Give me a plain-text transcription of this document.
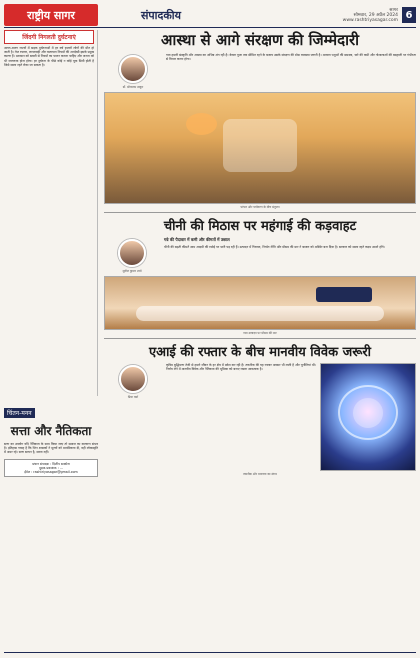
राष्ट्रीय सागर	संपादकीय	सागर
सोमवार, 29 अप्रैल 2024
www.rashtriyasagar.com 6
जिंदगी निगलती दुर्घटनाएं
अलग-अलग राज्यों में सड़क दुर्घटनाओं में हर वर्ष हजारों लोगों की मौत हो जाती है। तेज रफ्तार, लापरवाही और यातायात नियमों की अनदेखी इसके प्रमुख कारण हैं। प्रशासन को सख्ती से नियमों का पालन कराना चाहिए और जनता को भी जागरूक होना होगा। हर दुर्घटना के पीछे कोई न कोई चूक छिपी होती है जिसे समय रहते रोका जा सकता है।
आस्था से आगे संरक्षण की जिम्मेदारी
डॉ. सीताराम ठाकुर
गाय हमारी संस्कृति और आस्था का अभिन्न अंग रही है। केवल पूजा तक सीमित रहने के बजाय उसके संरक्षण की ठोस व्यवस्था जरूरी है। आवारा पशुओं की समस्या, चारे की कमी और गोशालाओं की बदहाली पर गंभीरता से विचार करना होगा।
परंपरा और पर्यावरण के बीच संतुलन
चीनी की मिठास पर महंगाई की कड़वाहट
सुनील कुमार शर्मा
गन्ने की पैदावार में कमी और कीमतों में उछाल
चीनी की बढ़ती कीमतें आम आदमी की रसोई पर भारी पड़ रही हैं। उत्पादन में गिरावट, निर्यात नीति और मौसम की मार ने बाजार को अस्थिर बना दिया है। सरकार को समय रहते कदम उठाने होंगे।
गन्ना उत्पादन पर मौसम की मार
एआई की रफ्तार के बीच मानवीय विवेक जरूरी
प्रिया वर्मा
कृत्रिम बुद्धिमत्ता तेजी से हमारे जीवन के हर क्षेत्र में प्रवेश कर रही है। तकनीक की यह रफ्तार अवसर भी लाती है और चुनौतियां भी। निर्णय लेने में मानवीय विवेक और नैतिकता की भूमिका को बनाए रखना आवश्यक है।
तकनीक और मानवता का संगम
चिंतन-मनन
सत्ता और नैतिकता
सत्ता का उपयोग यदि नैतिकता के साथ किया जाए तो समाज का कल्याण संभव है। इतिहास गवाह है कि जिन शासकों ने मूल्यों को प्राथमिकता दी, वही लोकस्मृति में अमर रहे। सत्ता साधन है, साध्य नहीं।
प्रधान संपादक : दिलीप सक्सेना
मुद्रक-प्रकाशक : ...
ईमेल : rashtriyasagar@gmail.com
